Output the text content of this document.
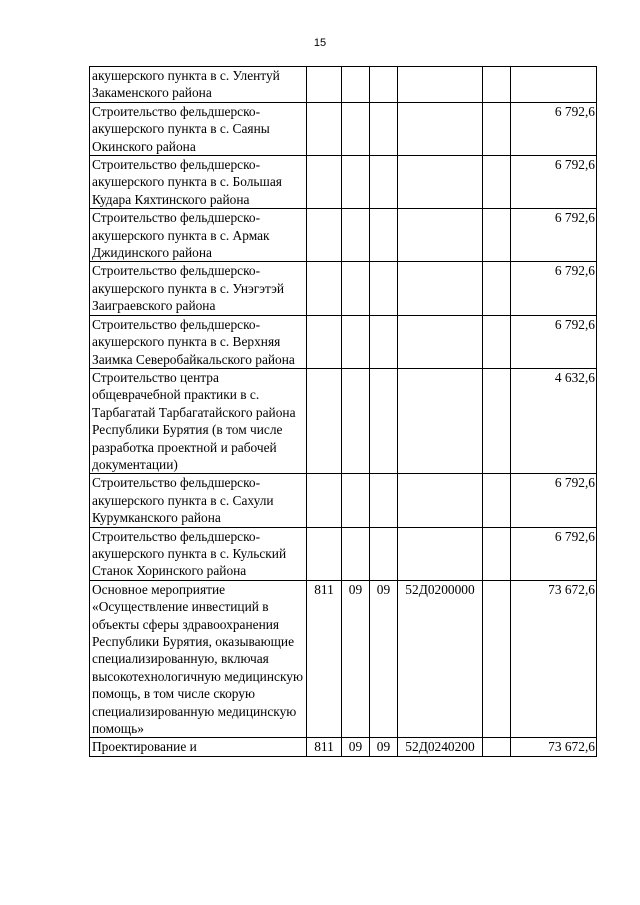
15
акушерского пункта в с. Улентуй Закаменского района						
Строительство фельдшерско-акушерского пункта в с. Саяны Окинского района						6 792,6
Строительство фельдшерско-акушерского пункта в с. Большая Кудара Кяхтинского района						6 792,6
Строительство фельдшерско-акушерского пункта в с. Армак Джидинского района						6 792,6
Строительство фельдшерско-акушерского пункта в с. Унэгэтэй Заиграевского района						6 792,6
Строительство фельдшерско-акушерского пункта в с. Верхняя Заимка Северобайкальского района						6 792,6
Строительство центра общеврачебной практики в с. Тарбагатай Тарбагатайского района Республики Бурятия (в том числе разработка проектной и рабочей документации)						4 632,6
Строительство фельдшерско-акушерского пункта в с. Сахули Курумканского района						6 792,6
Строительство фельдшерско-акушерского пункта в с. Кульский Станок Хоринского района						6 792,6
Основное мероприятие «Осуществление инвестиций в объекты сферы здравоохранения Республики Бурятия, оказывающие специализированную, включая высокотехнологичную медицинскую помощь, в том числе скорую специализированную медицинскую помощь»	811	09	09	52Д0200000		73 672,6
Проектирование и	811	09	09	52Д0240200		73 672,6
